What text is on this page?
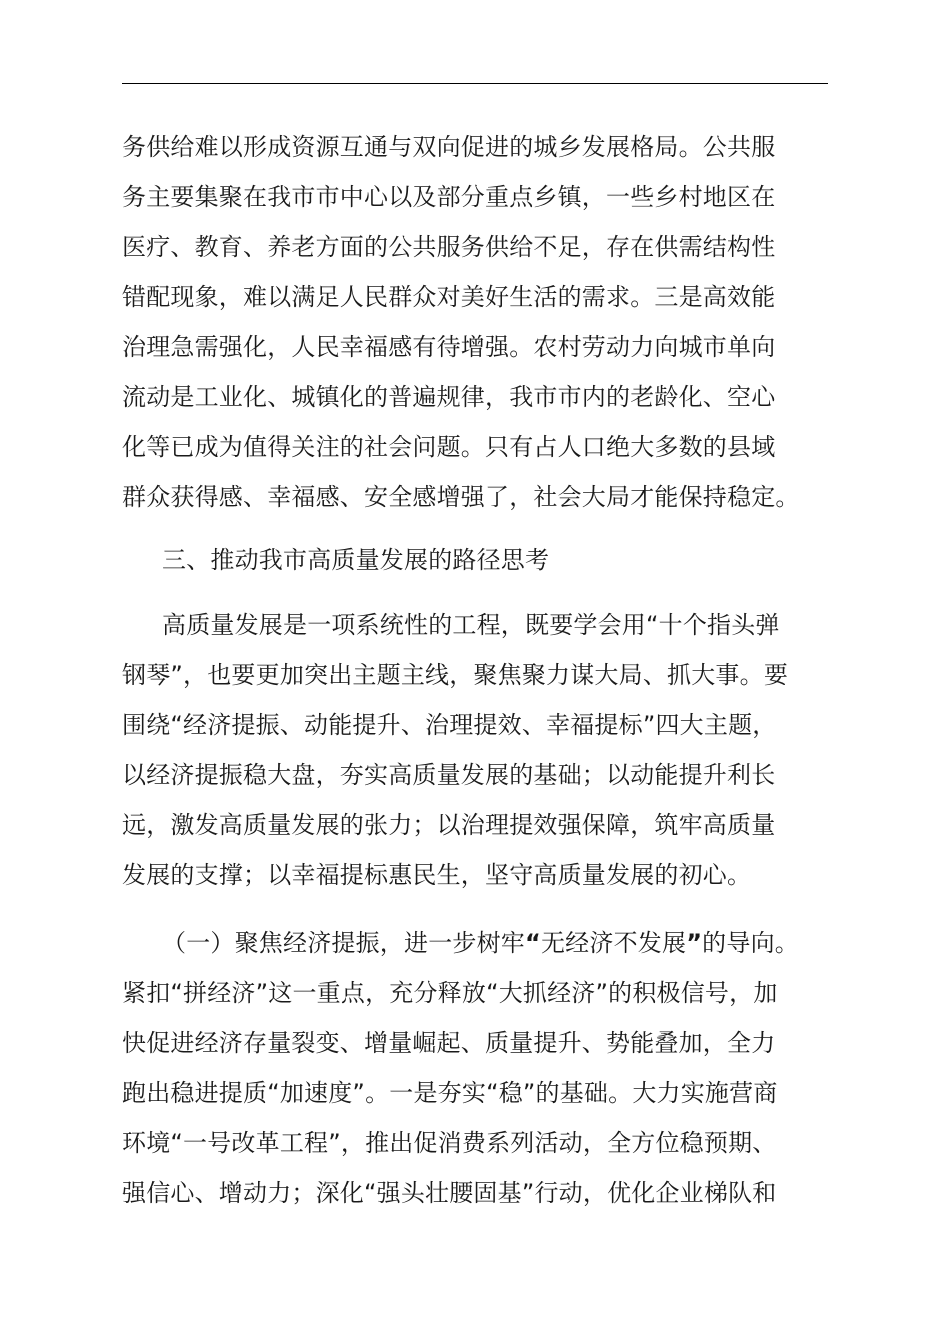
务供给难以形成资源互通与双向促进的城乡发展格局。公共服
务主要集聚在我市市中心以及部分重点乡镇，一些乡村地区在
医疗、教育、养老方面的公共服务供给不足，存在供需结构性
错配现象，难以满足人民群众对美好生活的需求。三是高效能
治理急需强化，人民幸福感有待增强。农村劳动力向城市单向
流动是工业化、城镇化的普遍规律，我市市内的老龄化、空心
化等已成为值得关注的社会问题。只有占人口绝大多数的县域
群众获得感、幸福感、安全感增强了，社会大局才能保持稳定。
三、推动我市高质量发展的路径思考
高质量发展是一项系统性的工程，既要学会用“十个指头弹
钢琴”，也要更加突出主题主线，聚焦聚力谋大局、抓大事。要
围绕“经济提振、动能提升、治理提效、幸福提标”四大主题，
以经济提振稳大盘，夯实高质量发展的基础；以动能提升利长
远，激发高质量发展的张力；以治理提效强保障，筑牢高质量
发展的支撑；以幸福提标惠民生，坚守高质量发展的初心。
（一）聚焦经济提振，进一步树牢“无经济不发展”的导向。
紧扣“拼经济”这一重点，充分释放“大抓经济”的积极信号，加
快促进经济存量裂变、增量崛起、质量提升、势能叠加，全力
跑出稳进提质“加速度”。一是夯实“稳”的基础。大力实施营商
环境“一号改革工程”，推出促消费系列活动，全方位稳预期、
强信心、增动力；深化“强头壮腰固基”行动，优化企业梯队和
